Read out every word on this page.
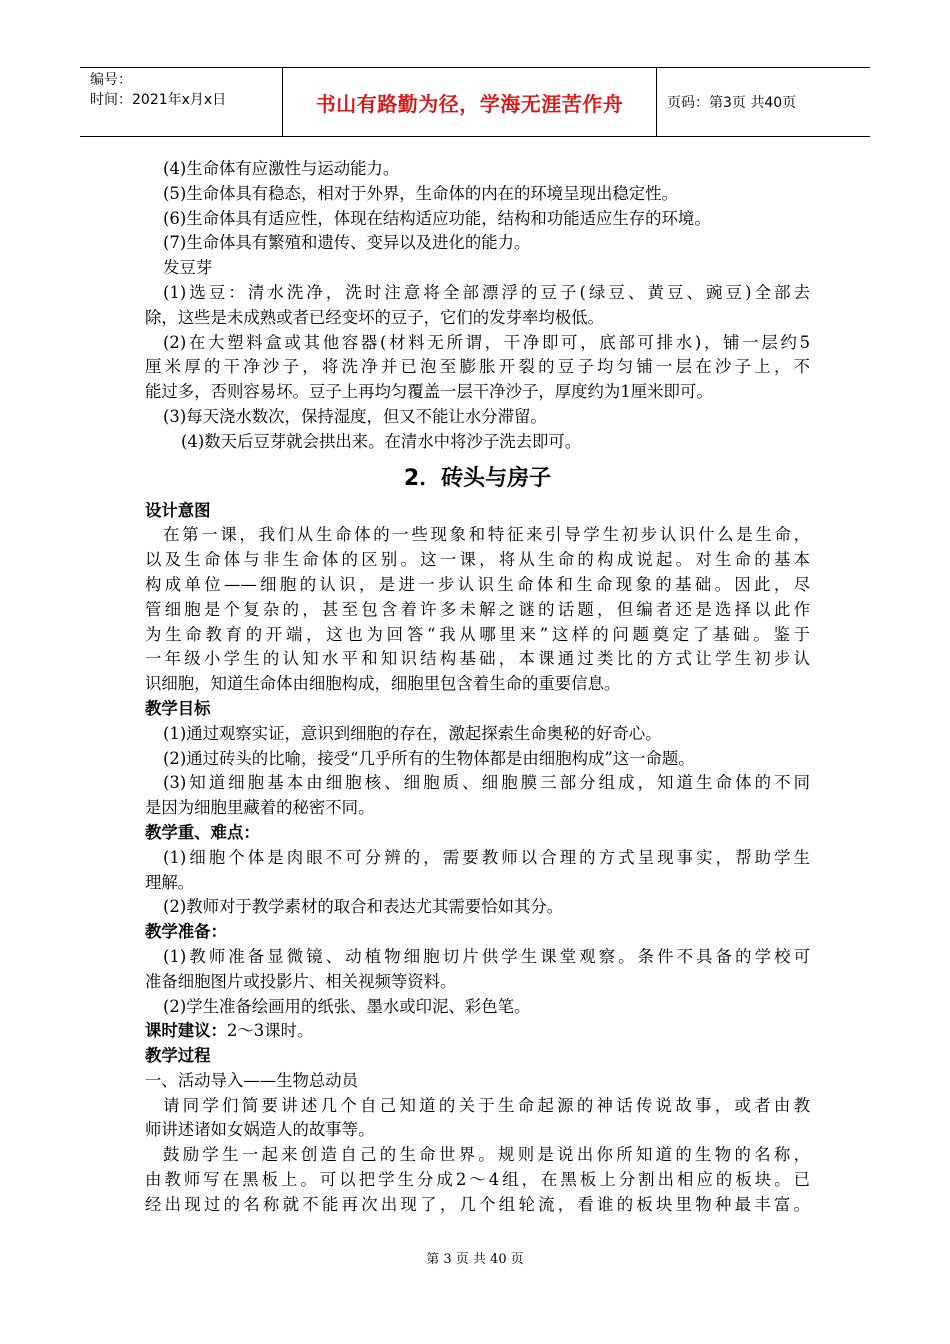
编号：
时间：2021年x月x日	书山有路勤为径，学海无涯苦作舟	页码：第3页 共40页
(4)生命体有应激性与运动能力。
(5)生命体具有稳态，相对于外界，生命体的内在的环境呈现出稳定性。
(6)生命体具有适应性，体现在结构适应功能，结构和功能适应生存的环境。
(7)生命体具有繁殖和遗传、变异以及进化的能力。
发豆芽
(1)选豆：清水洗净，洗时注意将全部漂浮的豆子(绿豆、黄豆、豌豆)全部去
除，这些是未成熟或者已经变坏的豆子，它们的发芽率均极低。
(2)在大塑料盒或其他容器(材料无所谓，干净即可，底部可排水)，铺一层约5
厘米厚的干净沙子，将洗净并已泡至膨胀开裂的豆子均匀铺一层在沙子上，不
能过多，否则容易坏。豆子上再均匀覆盖一层干净沙子，厚度约为1厘米即可。
(3)每天浇水数次，保持湿度，但又不能让水分滞留。
(4)数天后豆芽就会拱出来。在清水中将沙子洗去即可。
2．砖头与房子
设计意图
在第一课，我们从生命体的一些现象和特征来引导学生初步认识什么是生命，
以及生命体与非生命体的区别。这一课，将从生命的构成说起。对生命的基本
构成单位——细胞的认识，是进一步认识生命体和生命现象的基础。因此，尽
管细胞是个复杂的，甚至包含着许多未解之谜的话题，但编者还是选择以此作
为生命教育的开端，这也为回答“我从哪里来”这样的问题奠定了基础。鉴于
一年级小学生的认知水平和知识结构基础，本课通过类比的方式让学生初步认
识细胞，知道生命体由细胞构成，细胞里包含着生命的重要信息。
教学目标
(1)通过观察实证，意识到细胞的存在，激起探索生命奥秘的好奇心。
(2)通过砖头的比喻，接受“几乎所有的生物体都是由细胞构成”这一命题。
(3)知道细胞基本由细胞核、细胞质、细胞膜三部分组成，知道生命体的不同
是因为细胞里藏着的秘密不同。
教学重、难点：
(1)细胞个体是肉眼不可分辨的，需要教师以合理的方式呈现事实，帮助学生
理解。
(2)教师对于教学素材的取合和表达尤其需要恰如其分。
教学准备：
(1)教师准备显微镜、动植物细胞切片供学生课堂观察。条件不具备的学校可
准备细胞图片或投影片、相关视频等资料。
(2)学生准备绘画用的纸张、墨水或印泥、彩色笔。
课时建议：2～3课时。
教学过程
一、活动导入——生物总动员
请同学们简要讲述几个自己知道的关于生命起源的神话传说故事，或者由教
师讲述诸如女娲造人的故事等。
鼓励学生一起来创造自己的生命世界。规则是说出你所知道的生物的名称，
由教师写在黑板上。可以把学生分成2～4组，在黑板上分割出相应的板块。已
经出现过的名称就不能再次出现了，几个组轮流，看谁的板块里物种最丰富。
第 3 页 共 40 页
